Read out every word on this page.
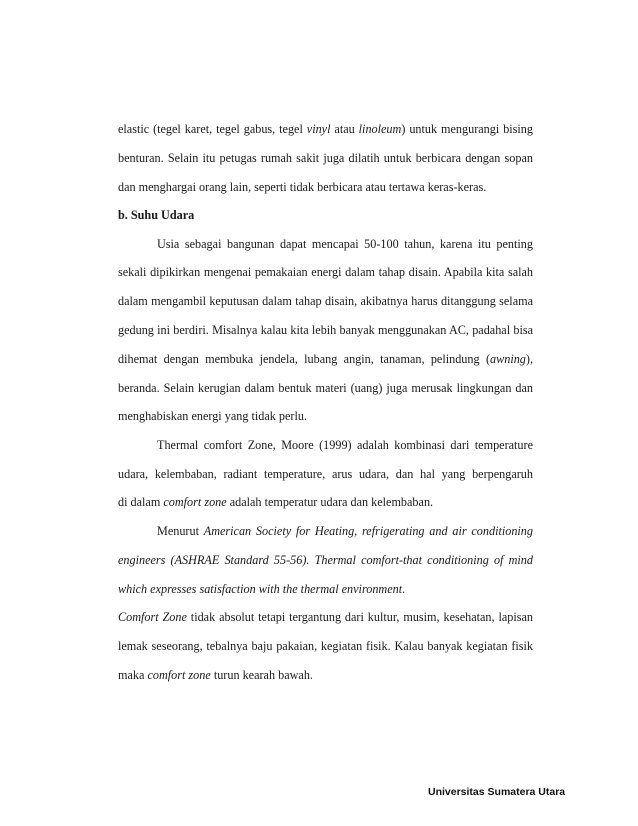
elastic (tegel karet, tegel gabus, tegel vinyl atau linoleum) untuk mengurangi bising
benturan. Selain itu petugas rumah sakit juga dilatih untuk berbicara dengan sopan
dan menghargai orang lain, seperti tidak berbicara atau tertawa keras-keras.
b. Suhu Udara
Usia sebagai bangunan dapat mencapai 50-100 tahun, karena itu penting
sekali dipikirkan mengenai pemakaian energi dalam tahap disain. Apabila kita salah
dalam mengambil keputusan dalam tahap disain, akibatnya harus ditanggung selama
gedung ini berdiri. Misalnya kalau kita lebih banyak menggunakan AC, padahal bisa
dihemat dengan membuka jendela, lubang angin, tanaman, pelindung (awning),
beranda. Selain kerugian dalam bentuk materi (uang) juga merusak lingkungan dan
menghabiskan energi yang tidak perlu.
Thermal comfort Zone, Moore (1999) adalah kombinasi dari temperature
udara, kelembaban, radiant temperature, arus udara, dan hal yang berpengaruh
di dalam comfort zone adalah temperatur udara dan kelembaban.
Menurut American Society for Heating, refrigerating and air conditioning
engineers (ASHRAE Standard 55-56). Thermal comfort-that conditioning of mind
which expresses satisfaction with the thermal environment.
Comfort Zone tidak absolut tetapi tergantung dari kultur, musim, kesehatan, lapisan
lemak seseorang, tebalnya baju pakaian, kegiatan fisik. Kalau banyak kegiatan fisik
maka comfort zone turun kearah bawah.
Universitas Sumatera Utara
